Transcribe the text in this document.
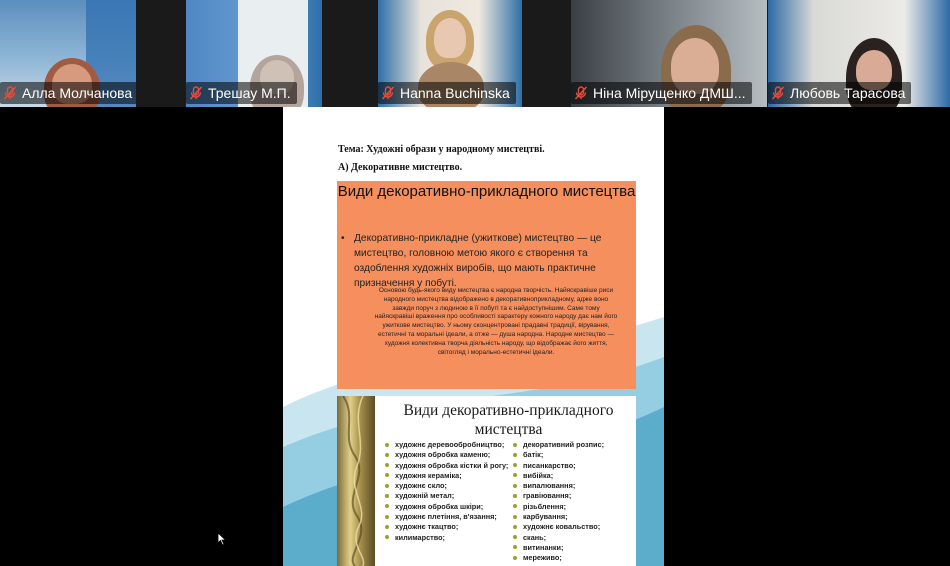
Алла Молчанова	Трешау М.П.	Hanna Buchinska	Ніна Мірущенко ДМШ...	Любовь Тарасова
Тема: Художні образи у народному мистецтві.
А) Декоративне мистецтво.
Види декоративно-прикладного мистецтва
• Декоративно-прикладне (ужиткове) мистецтво — це мистецтво, головною метою якого є створення та оздоблення художніх виробів, що мають практичне призначення у побуті.
Основою будь-якого виду мистецтва є народна творчість. Найяскравіше риси народного мистецтва відображено в декоративноприкладному, адже воно завжди поруч з людиною в її побуті та є найдоступнішим. Саме тому найяскравіші враження про особливості характеру кожного народу дає нам його ужиткове мистецтво. У ньому сконцентровані прадавні традиції, вірування, естетичні та моральні ідеали, а отже — душа народна. Народне мистецтво — художня колективна творча діяльність народу, що відображає його життя, світогляд і морально-естетичні ідеали.
Види декоративно-прикладного мистецтва
художнє деревообробництво;
художня обробка каменю;
художня обробка кістки й рогу;
художня кераміка;
художнє скло;
художній метал;
художня обробка шкіри;
художнє плетіння, в'язання;
художнє ткацтво;
килимарство;
декоративний розпис;
батік;
писанкарство;
вибійка;
випалювання;
гравіювання;
різьблення;
карбування;
художнє ковальство;
скань;
витинанки;
мереживо;
